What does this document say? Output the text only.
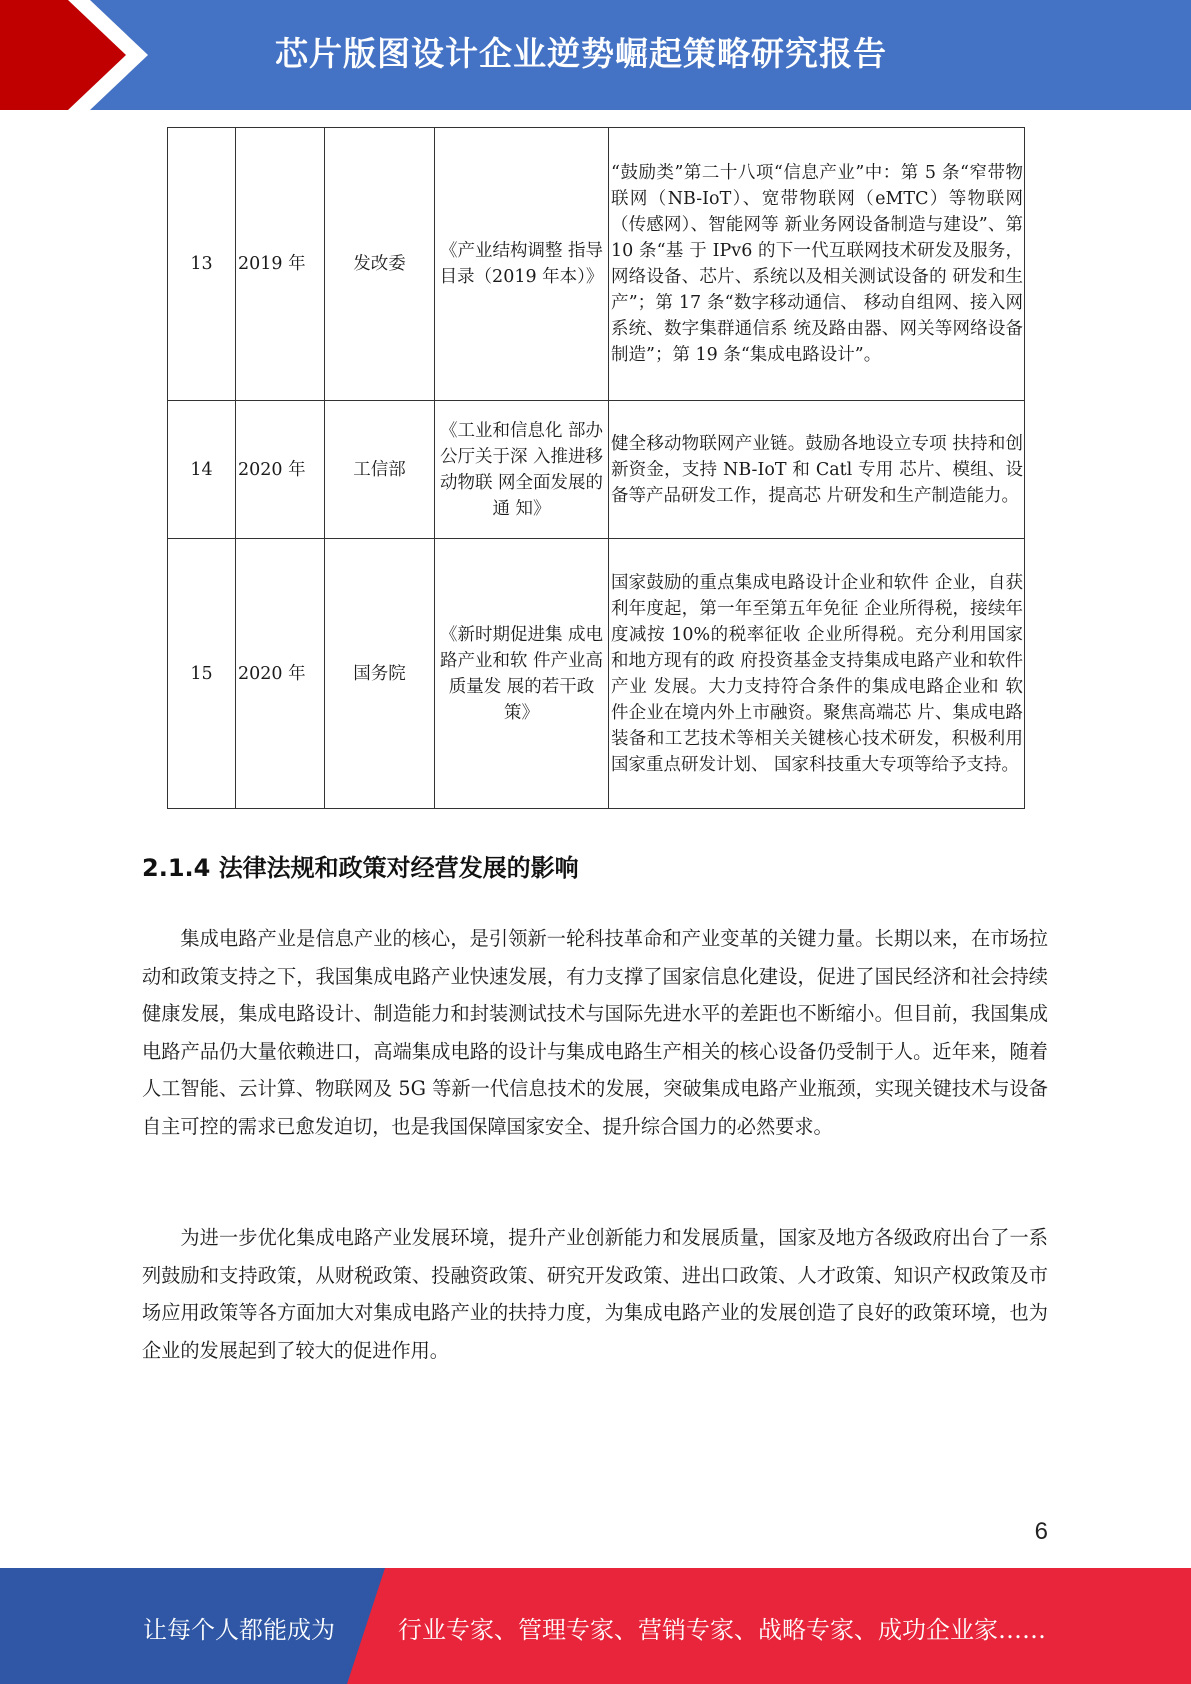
芯片版图设计企业逆势崛起策略研究报告
13	2019 年	发改委	《产业结构调整 指导目录（2019 年本）》	“鼓励类”第二十八项“信息产业”中：第 5 条“窄带物联网（NB-IoT）、宽带物联网（eMTC）等物联网（传感网）、智能网等 新业务网设备制造与建设”、第 10 条“基 于 IPv6 的下一代互联网技术研发及服务， 网络设备、芯片、系统以及相关测试设备的 研发和生产”；第 17 条“数字移动通信、 移动自组网、接入网系统、数字集群通信系 统及路由器、网关等网络设备制造”；第 19 条“集成电路设计”。
14	2020 年	工信部	《工业和信息化 部办公厅关于深 入推进移动物联 网全面发展的通 知》	健全移动物联网产业链。鼓励各地设立专项 扶持和创新资金，支持 NB-IoT 和 Catl 专用 芯片、模组、设备等产品研发工作，提高芯 片研发和生产制造能力。
15	2020 年	国务院	《新时期促进集 成电路产业和软 件产业高质量发 展的若干政策》	国家鼓励的重点集成电路设计企业和软件 企业，自获利年度起，第一年至第五年免征 企业所得税，接续年度减按 10%的税率征收 企业所得税。充分利用国家和地方现有的政 府投资基金支持集成电路产业和软件产业 发展。大力支持符合条件的集成电路企业和 软件企业在境内外上市融资。聚焦高端芯 片、集成电路装备和工艺技术等相关关键核心技术研发，积极利用国家重点研发计划、 国家科技重大专项等给予支持。
2.1.4 法律法规和政策对经营发展的影响

集成电路产业是信息产业的核心，是引领新一轮科技革命和产业变革的关键力量。长期以来，在市场拉动和政策支持之下，我国集成电路产业快速发展，有力支撑了国家信息化建设，促进了国民经济和社会持续健康发展，集成电路设计、制造能力和封装测试技术与国际先进水平的差距也不断缩小。但目前，我国集成电路产品仍大量依赖进口，高端集成电路的设计与集成电路生产相关的核心设备仍受制于人。近年来，随着人工智能、云计算、物联网及 5G 等新一代信息技术的发展，突破集成电路产业瓶颈，实现关键技术与设备自主可控的需求已愈发迫切，也是我国保障国家安全、提升综合国力的必然要求。

为进一步优化集成电路产业发展环境，提升产业创新能力和发展质量，国家及地方各级政府出台了一系列鼓励和支持政策，从财税政策、投融资政策、研究开发政策、进出口政策、人才政策、知识产权政策及市场应用政策等各方面加大对集成电路产业的扶持力度，为集成电路产业的发展创造了良好的政策环境，也为企业的发展起到了较大的促进作用。

6
让每个人都能成为	行业专家、管理专家、营销专家、战略专家、成功企业家……
